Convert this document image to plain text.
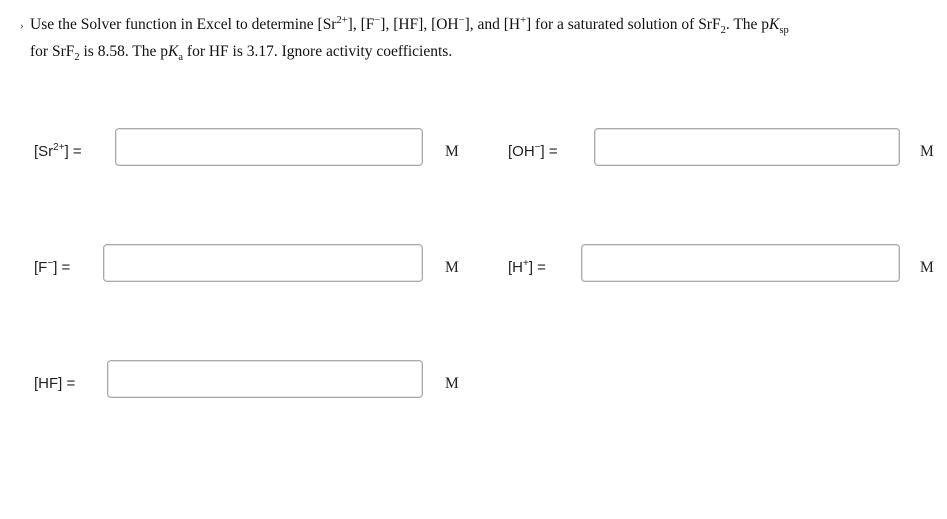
› Use the Solver function in Excel to determine $[Sr^{2+}]$, [F−], [HF], [OH−], and [H+] for a saturated solution of SrF$_2$. The $pK_{sp}$
for SrF$_2$ is 8.58. The $pK_a$ for HF is 3.17. Ignore activity coefficients.
$[Sr^{2+}]$ =	M	[OH−] =	M
[F−] =	M	[H+] =	M
[HF] =	M
